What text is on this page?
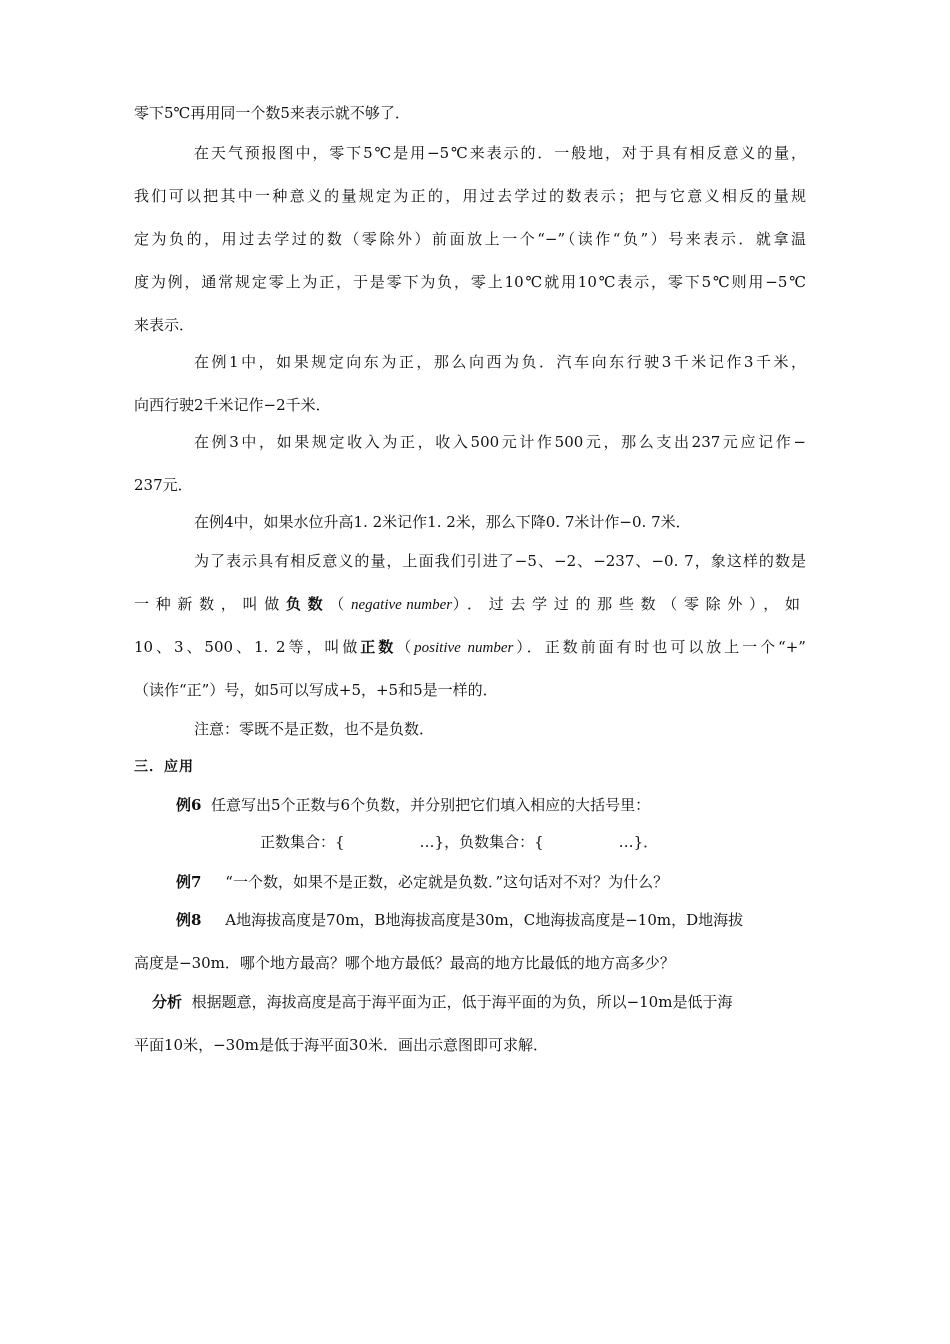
零下5℃再用同一个数5来表示就不够了．
在天气预报图中，零下5℃是用−5℃来表示的．一般地，对于具有相反意义的量，
我们可以把其中一种意义的量规定为正的，用过去学过的数表示；把与它意义相反的量规
定为负的，用过去学过的数（零除外）前面放上一个“−”（读作“负”）号来表示．就拿温
度为例，通常规定零上为正，于是零下为负，零上10℃就用10℃表示，零下5℃则用−5℃
来表示．
在例1中，如果规定向东为正，那么向西为负．汽车向东行驶3千米记作3千米，
向西行驶2千米记作−2千米．
在例3中，如果规定收入为正，收入500元计作500元，那么支出237元应记作−
237元．
在例4中，如果水位升高1. 2米记作1. 2米，那么下降0. 7米计作−0. 7米．
为了表示具有相反意义的量，上面我们引进了−5、−2、−237、−0. 7，象这样的数是
一种新数，叫做负数（negative number）．过去学过的那些数（零除外），如
10、3、500、1. 2等，叫做正数（positive number）．正数前面有时也可以放上一个“+”
（读作“正”）号，如5可以写成+5，+5和5是一样的．
注意：零既不是正数，也不是负数．
三．应用
例6 任意写出5个正数与6个负数，并分别把它们填入相应的大括号里：
正数集合：{　　　　　…}，负数集合：{　　　　　…}．
例7 “一个数，如果不是正数，必定就是负数．”这句话对不对？为什么？
例8 A地海拔高度是70m，B地海拔高度是30m，C地海拔高度是−10m，D地海拔
高度是−30m．哪个地方最高？哪个地方最低？最高的地方比最低的地方高多少？
分析 根据题意，海拔高度是高于海平面为正，低于海平面的为负，所以−10m是低于海
平面10米，−30m是低于海平面30米．画出示意图即可求解．
